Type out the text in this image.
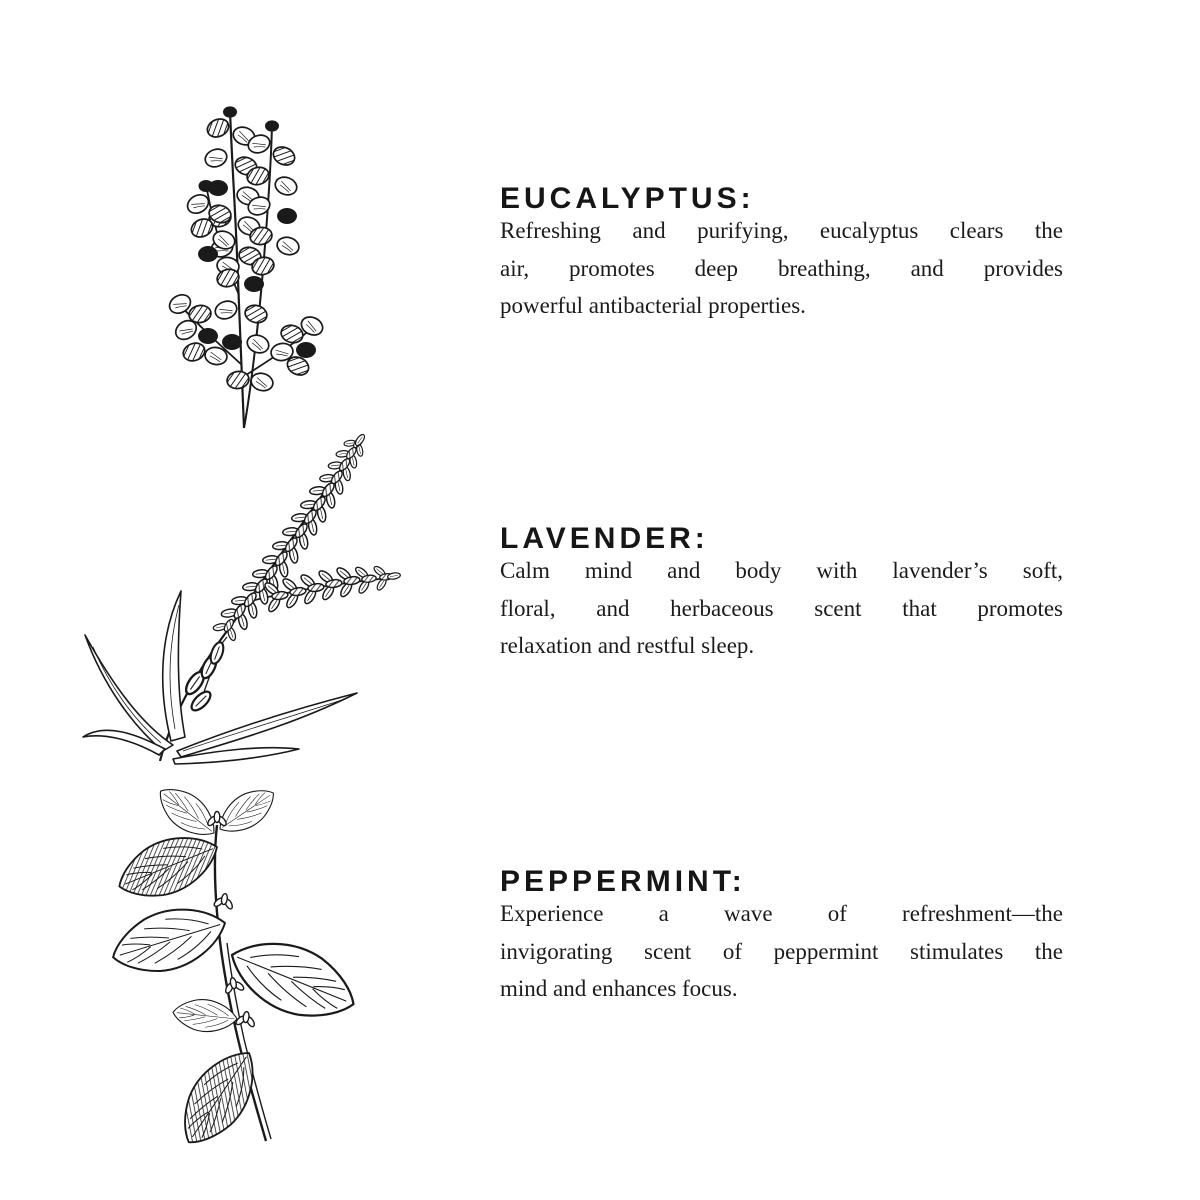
EUCALYPTUS:
Refreshing and purifying, eucalyptus clears the
air, promotes deep breathing, and provides
powerful antibacterial properties.
LAVENDER:
Calm mind and body with lavender’s soft,
floral, and herbaceous scent that promotes
relaxation and restful sleep.
PEPPERMINT:
Experience a wave of refreshment—the
invigorating scent of peppermint stimulates the
mind and enhances focus.
